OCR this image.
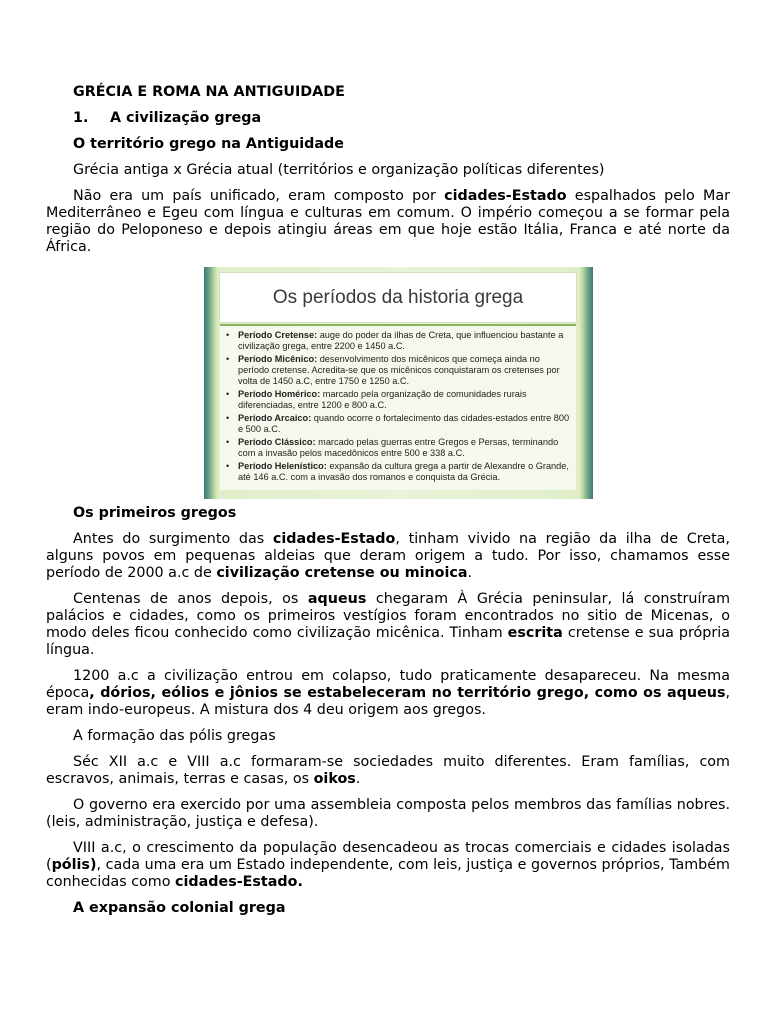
GRÉCIA E ROMA NA ANTIGUIDADE

1. A civilização grega

O território grego na Antiguidade

Grécia antiga x Grécia atual (territórios e organização políticas diferentes)

Não era um país unificado, eram composto por cidades-Estado espalhados pelo Mar Mediterrâneo e Egeu com língua e culturas em comum. O império começou a se formar pela região do Peloponeso e depois atingiu áreas em que hoje estão Itália, Franca e até norte da África.

Os períodos da historia grega
• Período Cretense: auge do poder da ilhas de Creta, que influenciou bastante a civilização grega, entre 2200 e 1450 a.C.
• Período Micênico: desenvolvimento dos micênicos que começa ainda no período cretense. Acredita-se que os micênicos conquistaram os cretenses por volta de 1450 a.C, entre 1750 e 1250 a.C.
• Período Homérico: marcado pela organização de comunidades rurais diferenciadas, entre 1200 e 800 a.C.
• Período Arcaico: quando ocorre o fortalecimento das cidades-estados entre 800 e 500 a.C.
• Período Clássico: marcado pelas guerras entre Gregos e Persas, terminando com a invasão pelos macedônicos entre 500 e 338 a.C.
• Período Helenístico: expansão da cultura grega a partir de Alexandre o Grande, até 146 a.C. com a invasão dos romanos e conquista da Grécia.

Os primeiros gregos

Antes do surgimento das cidades-Estado, tinham vivido na região da ilha de Creta, alguns povos em pequenas aldeias que deram origem a tudo. Por isso, chamamos esse período de 2000 a.c de civilização cretense ou minoica.

Centenas de anos depois, os aqueus chegaram À Grécia peninsular, lá construíram palácios e cidades, como os primeiros vestígios foram encontrados no sitio de Micenas, o modo deles ficou conhecido como civilização micênica. Tinham escrita cretense e sua própria língua.

1200 a.c a civilização entrou em colapso, tudo praticamente desapareceu. Na mesma época, dórios, eólios e jônios se estabeleceram no território grego, como os aqueus, eram indo-europeus. A mistura dos 4 deu origem aos gregos.

A formação das pólis gregas

Séc XII a.c e VIII a.c formaram-se sociedades muito diferentes. Eram famílias, com escravos, animais, terras e casas, os oikos.

O governo era exercido por uma assembleia composta pelos membros das famílias nobres. (leis, administração, justiça e defesa).

VIII a.c, o crescimento da população desencadeou as trocas comerciais e cidades isoladas (pólis), cada uma era um Estado independente, com leis, justiça e governos próprios, Também conhecidas como cidades-Estado.

A expansão colonial grega
